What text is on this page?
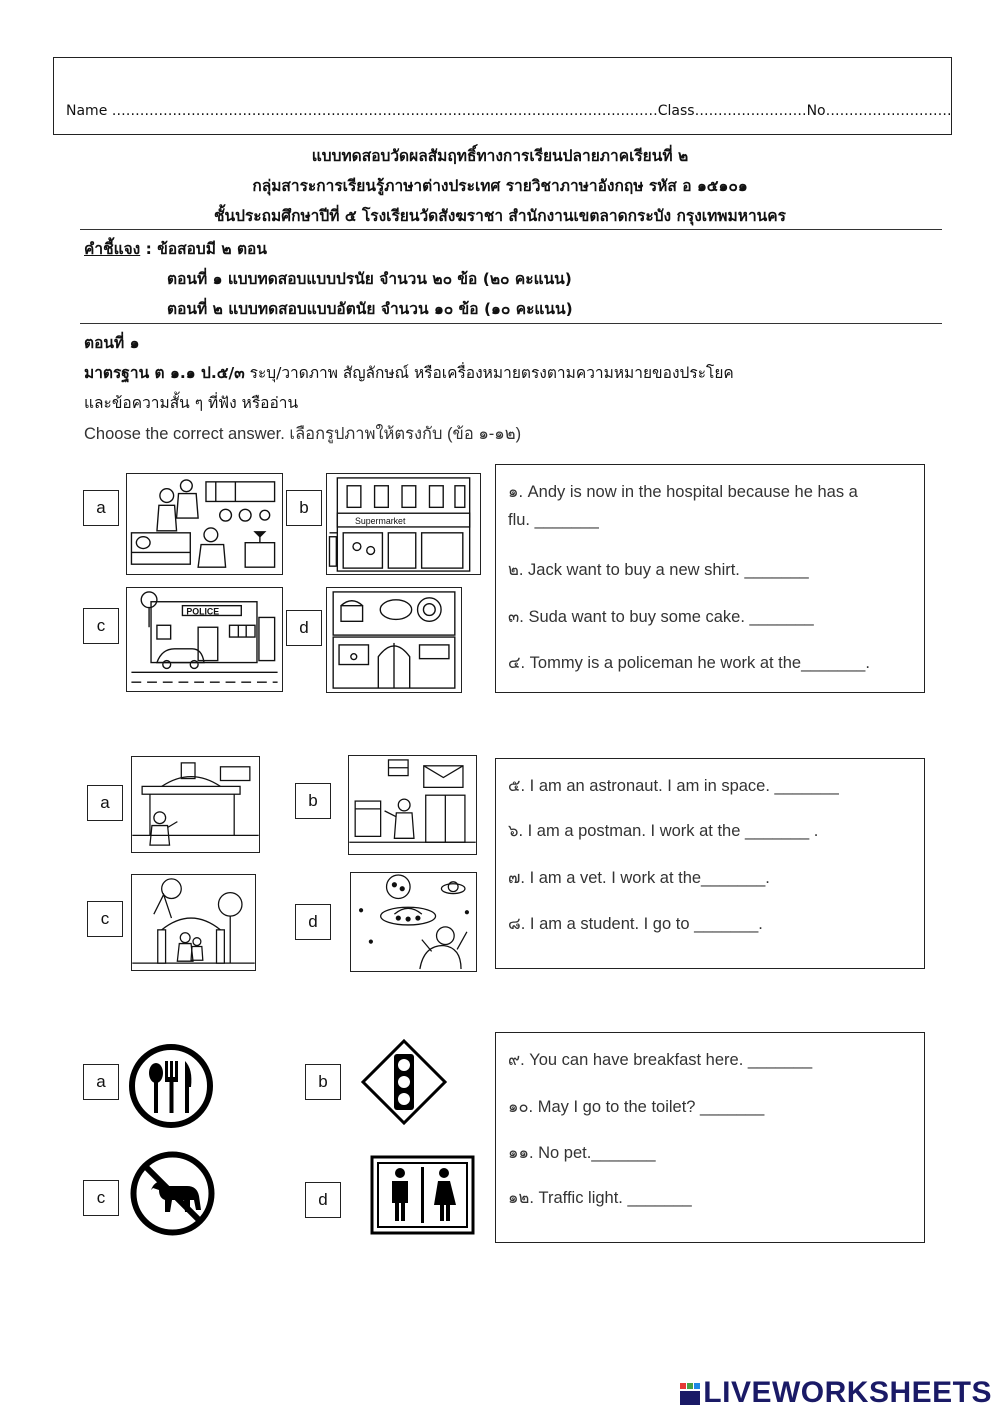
Name ………………………………………………………………………………………………………Class……………………No………………………
แบบทดสอบวัดผลสัมฤทธิ์ทางการเรียนปลายภาคเรียนที่ ๒
กลุ่มสาระการเรียนรู้ภาษาต่างประเทศ รายวิชาภาษาอังกฤษ รหัส อ ๑๕๑๐๑
ชั้นประถมศึกษาปีที่ ๕ โรงเรียนวัดสังฆราชา สำนักงานเขตลาดกระบัง กรุงเทพมหานคร
คำชี้แจง : ข้อสอบมี ๒ ตอน
ตอนที่ ๑ แบบทดสอบแบบปรนัย จำนวน ๒๐ ข้อ (๒๐ คะแนน)
ตอนที่ ๒ แบบทดสอบแบบอัตนัย จำนวน ๑๐ ข้อ (๑๐ คะแนน)
ตอนที่ ๑
มาตรฐาน ต ๑.๑ ป.๕/๓ ระบุ/วาดภาพ สัญลักษณ์ หรือเครื่องหมายตรงตามความหมายของประโยค
และข้อความสั้น ๆ ที่ฟัง หรืออ่าน
Choose the correct answer. เลือกรูปภาพให้ตรงกับ (ข้อ ๑-๑๒)
a	b
c	d
Supermarket
POLICE
๑. Andy is now in the hospital because he has a
flu. _______
๒. Jack want to buy a new shirt. _______
๓. Suda want to buy some cake. _______
๔. Tommy is a policeman he work at the_______.
a	b
c	d
๕. I am an astronaut. I am in space. _______
๖. I am a postman. I work at the _______ .
๗. I am a vet. I work at the_______.
๘. I am a student. I go to _______.
a	b
c	d
๙. You can have breakfast here. _______
๑๐. May I go to the toilet? _______
๑๑. No pet._______
๑๒. Traffic light. _______
LIVEWORKSHEETS
